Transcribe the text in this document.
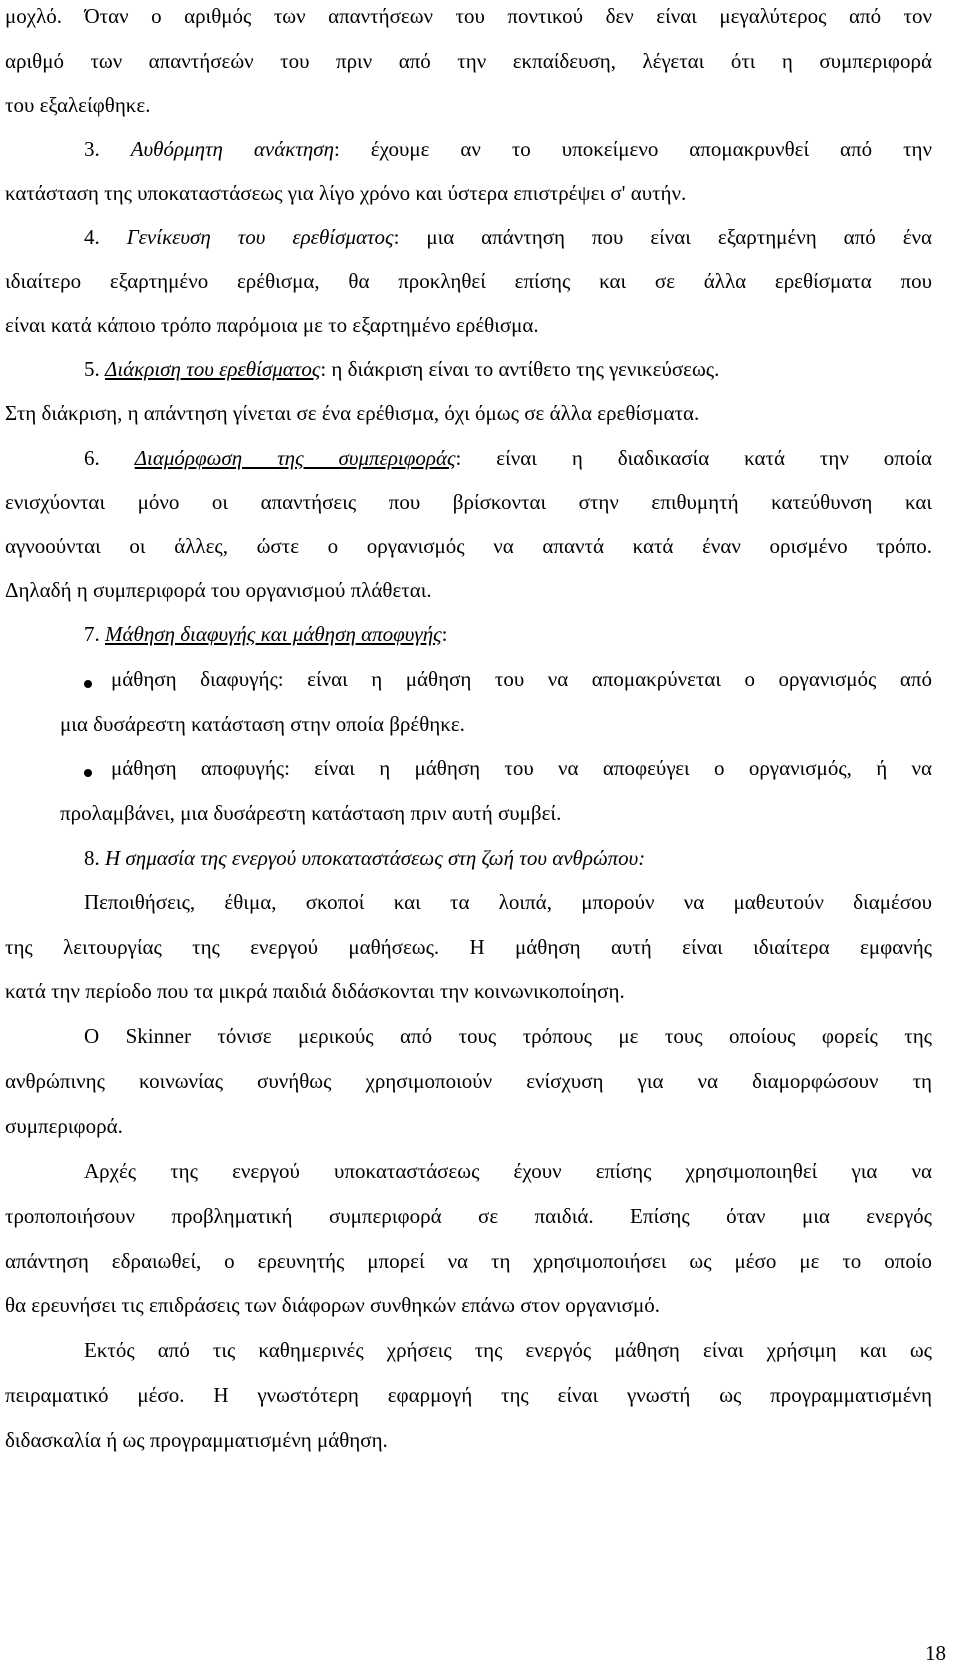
μοχλό. Όταν ο αριθμός των απαντήσεων του ποντικού δεν είναι μεγαλύτερος από τον
αριθμό των απαντήσεών του πριν από την εκπαίδευση, λέγεται ότι η συμπεριφορά
του εξαλείφθηκε.
3. Αυθόρμητη ανάκτηση: έχουμε αν το υποκείμενο απομακρυνθεί από την
κατάσταση της υποκαταστάσεως για λίγο χρόνο και ύστερα επιστρέψει σ' αυτήν.
4. Γενίκευση του ερεθίσματος: μια απάντηση που είναι εξαρτημένη από ένα
ιδιαίτερο εξαρτημένο ερέθισμα, θα προκληθεί επίσης και σε άλλα ερεθίσματα που
είναι κατά κάποιο τρόπο παρόμοια με το εξαρτημένο ερέθισμα.
5. Διάκριση του ερεθίσματος: η διάκριση είναι το αντίθετο της γενικεύσεως.
Στη διάκριση, η απάντηση γίνεται σε ένα ερέθισμα, όχι όμως σε άλλα ερεθίσματα.
6. Διαμόρφωση της συμπεριφοράς: είναι η διαδικασία κατά την οποία
ενισχύονται μόνο οι απαντήσεις που βρίσκονται στην επιθυμητή κατεύθυνση και
αγνοούνται οι άλλες, ώστε ο οργανισμός να απαντά κατά έναν ορισμένο τρόπο.
Δηλαδή η συμπεριφορά του οργανισμού πλάθεται.
7. Μάθηση διαφυγής και μάθηση αποφυγής:
μάθηση διαφυγής: είναι η μάθηση του να απομακρύνεται ο οργανισμός από
μια δυσάρεστη κατάσταση στην οποία βρέθηκε.
μάθηση αποφυγής: είναι η μάθηση του να αποφεύγει ο οργανισμός, ή να
προλαμβάνει, μια δυσάρεστη κατάσταση πριν αυτή συμβεί.
8. Η σημασία της ενεργού υποκαταστάσεως στη ζωή του ανθρώπου:
Πεποιθήσεις, έθιμα, σκοποί και τα λοιπά, μπορούν να μαθευτούν διαμέσου
της λειτουργίας της ενεργού μαθήσεως. Η μάθηση αυτή είναι ιδιαίτερα εμφανής
κατά την περίοδο που τα μικρά παιδιά διδάσκονται την κοινωνικοποίηση.
Ο Skinner τόνισε μερικούς από τους τρόπους με τους οποίους φορείς της
ανθρώπινης κοινωνίας συνήθως χρησιμοποιούν ενίσχυση για να διαμορφώσουν τη
συμπεριφορά.
Αρχές της ενεργού υποκαταστάσεως έχουν επίσης χρησιμοποιηθεί για να
τροποποιήσουν προβληματική συμπεριφορά σε παιδιά. Επίσης όταν μια ενεργός
απάντηση εδραιωθεί, ο ερευνητής μπορεί να τη χρησιμοποιήσει ως μέσο με το οποίο
θα ερευνήσει τις επιδράσεις των διάφορων συνθηκών επάνω στον οργανισμό.
Εκτός από τις καθημερινές χρήσεις της ενεργός μάθηση είναι χρήσιμη και ως
πειραματικό μέσο. Η γνωστότερη εφαρμογή της είναι γνωστή ως προγραμματισμένη
διδασκαλία ή ως προγραμματισμένη μάθηση.
18
